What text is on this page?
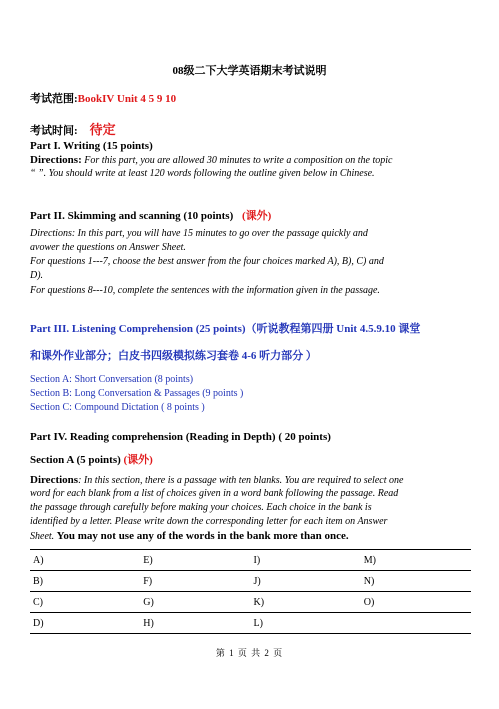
08级二下大学英语期末考试说明
考试范围:BookIV Unit 4 5 9 10
考试时间: 待定
Part I. Writing (15 points)
Directions: For this part, you are allowed 30 minutes to write a composition on the topic
“ ”. You should write at least 120 words following the outline given below in Chinese.
Part II. Skimming and scanning (10 points) (课外)
Directions: In this part, you will have 15 minutes to go over the passage quickly and
avower the questions on Answer Sheet.
For questions 1---7, choose the best answer from the four choices marked A), B), C) and
D).
For questions 8---10, complete the sentences with the information given in the passage.
Part III. Listening Comprehension (25 points)（听说教程第四册 Unit 4.5.9.10 课堂
和课外作业部分；白皮书四级模拟练习套卷 4-6 听力部分 ）
Section A: Short Conversation (8 points)
Section B: Long Conversation & Passages (9 points )
Section C: Compound Dictation ( 8 points )
Part IV. Reading comprehension (Reading in Depth) ( 20 points)
Section A (5 points) (课外)
Directions: In this section, there is a passage with ten blanks. You are required to select one
word for each blank from a list of choices given in a word bank following the passage. Read
the passage through carefully before making your choices. Each choice in the bank is
identified by a letter. Please write down the corresponding letter for each item on Answer
Sheet. You may not use any of the words in the bank more than once.
A)	E)	I)	M)
B)	F)	J)	N)
C)	G)	K)	O)
D)	H)	L)	
第 1 页 共 2 页
